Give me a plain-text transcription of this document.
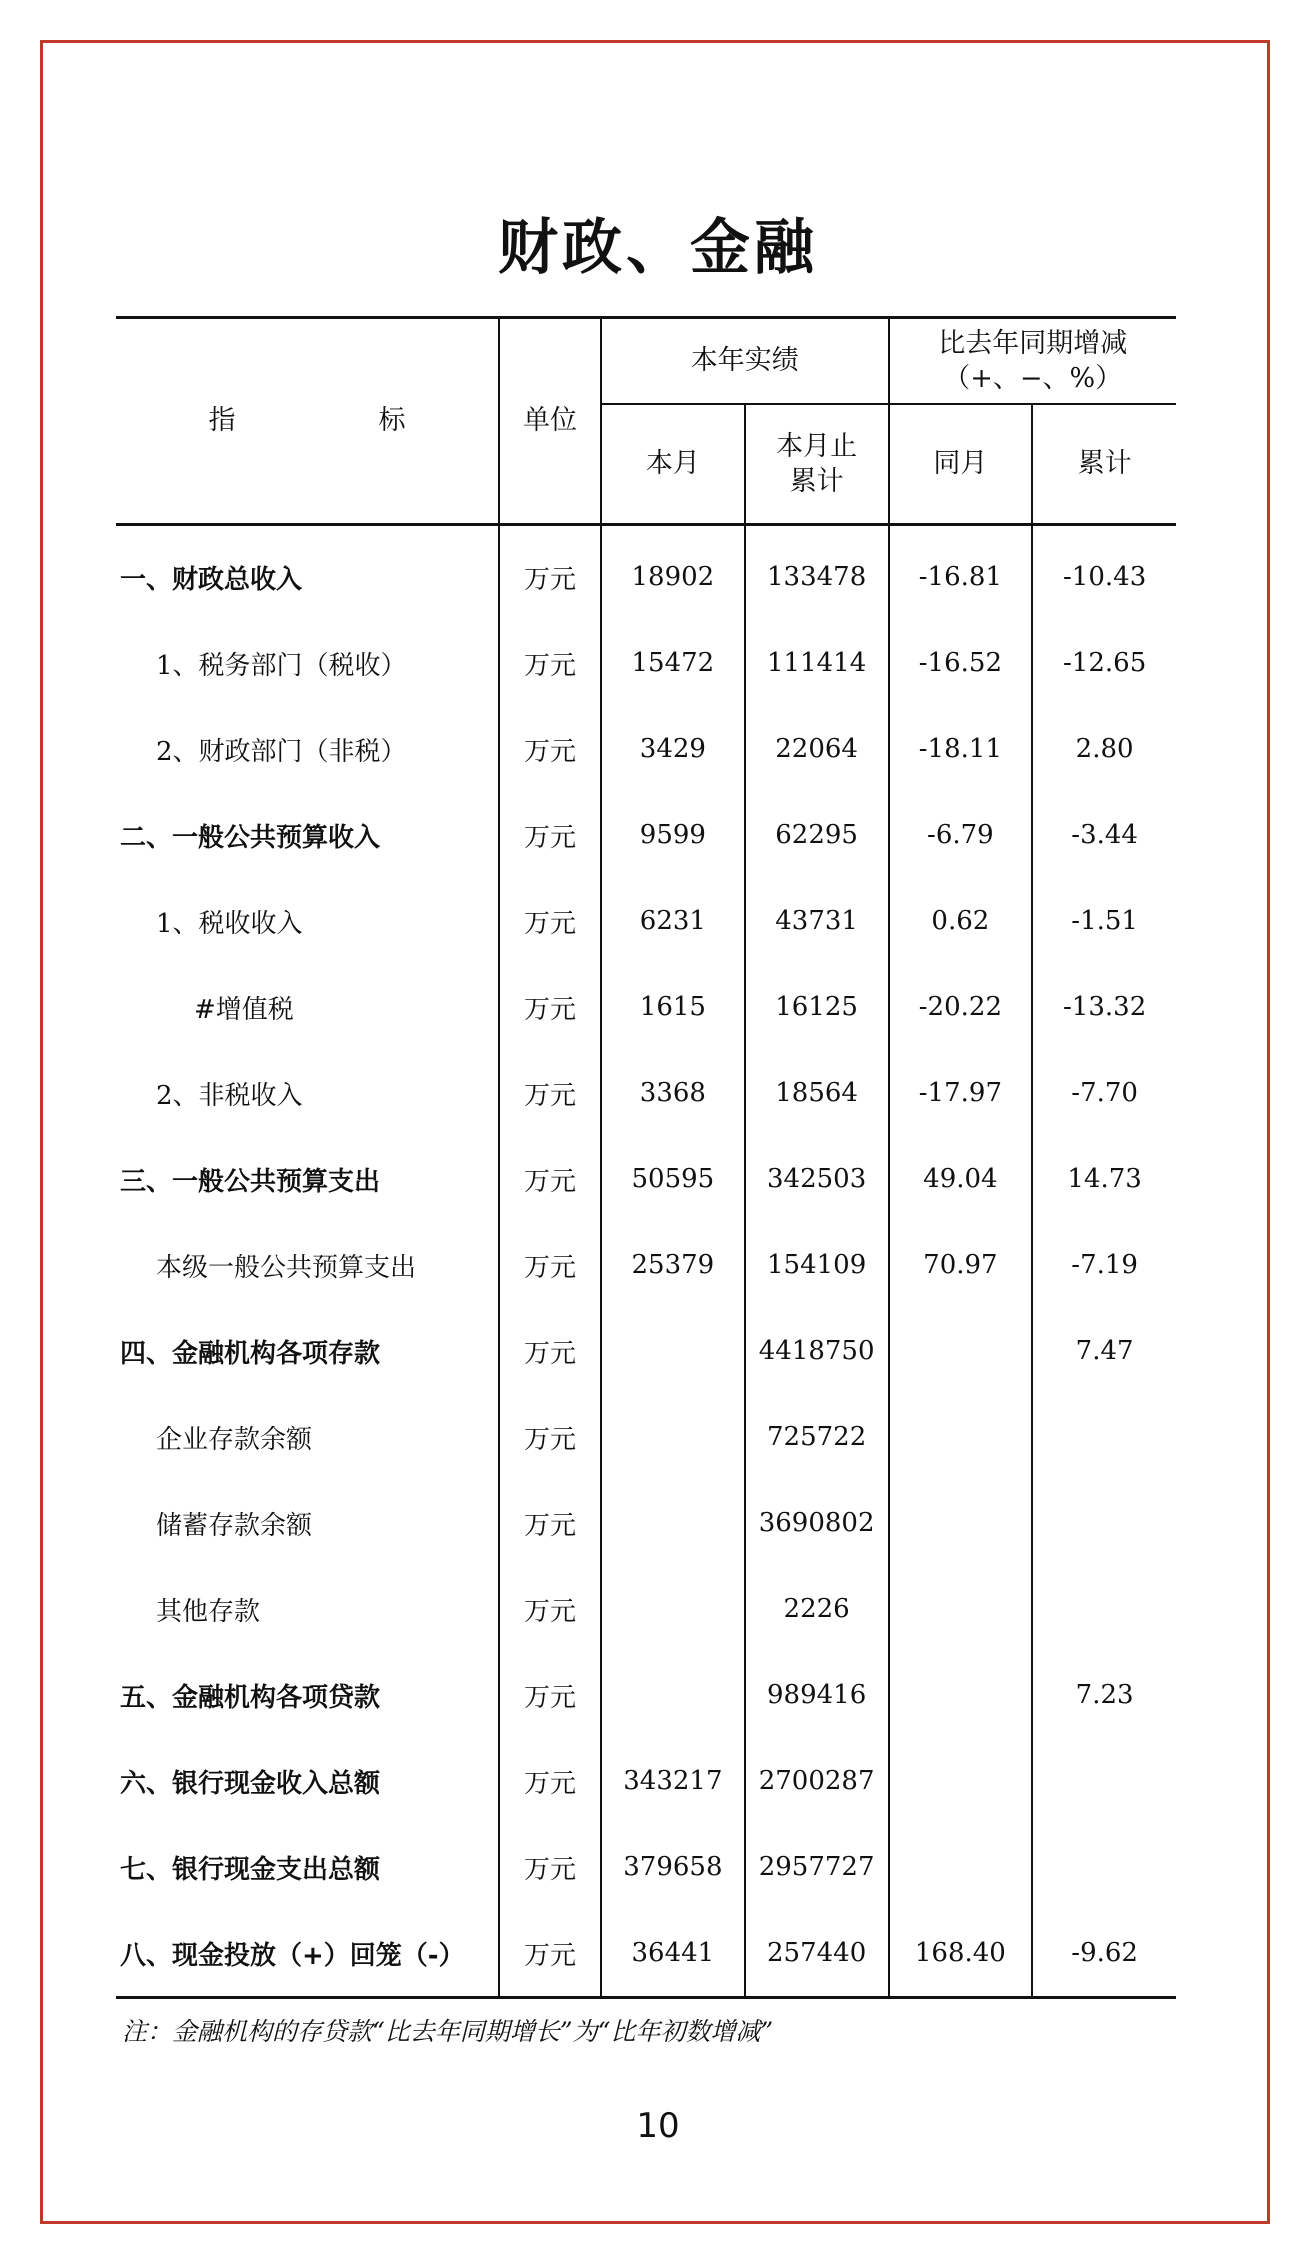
财政、金融
指　标	单位	本年实绩		比去年同期增减（+、−、%）	
		本月	本月止累计	同月	累计
一、财政总收入	万元	18902	133478	-16.81	-10.43
1、税务部门（税收）	万元	15472	111414	-16.52	-12.65
2、财政部门（非税）	万元	3429	22064	-18.11	2.80
二、一般公共预算收入	万元	9599	62295	-6.79	-3.44
1、税收收入	万元	6231	43731	0.62	-1.51
#增值税	万元	1615	16125	-20.22	-13.32
2、非税收入	万元	3368	18564	-17.97	-7.70
三、一般公共预算支出	万元	50595	342503	49.04	14.73
本级一般公共预算支出	万元	25379	154109	70.97	-7.19
四、金融机构各项存款	万元		4418750		7.47
企业存款余额	万元		725722		
储蓄存款余额	万元		3690802		
其他存款	万元		2226		
五、金融机构各项贷款	万元		989416		7.23
六、银行现金收入总额	万元	343217	2700287		
七、银行现金支出总额	万元	379658	2957727		
八、现金投放（+）回笼（-）	万元	36441	257440	168.40	-9.62
注：金融机构的存贷款“比去年同期增长”为“比年初数增减”
10
